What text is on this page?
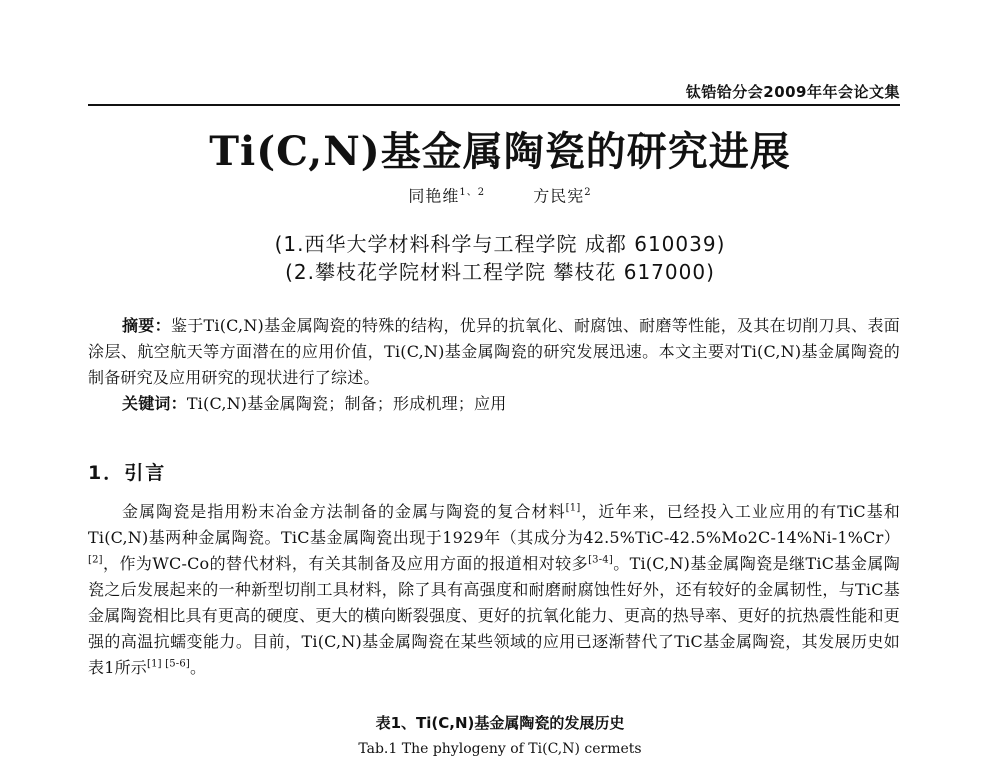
钛锆铪分会2009年年会论文集
Ti(C,N)基金属陶瓷的研究进展
同艳维$^{1、2}$	方民宪$^2$
(1.西华大学材料科学与工程学院 成都 610039)
(2.攀枝花学院材料工程学院 攀枝花 617000)
摘要：鉴于Ti(C,N)基金属陶瓷的特殊的结构，优异的抗氧化、耐腐蚀、耐磨等性能，及其在切削刀具、表面涂层、航空航天等方面潜在的应用价值，Ti(C,N)基金属陶瓷的研究发展迅速。本文主要对Ti(C,N)基金属陶瓷的制备研究及应用研究的现状进行了综述。
关键词：Ti(C,N)基金属陶瓷；制备；形成机理；应用
1．引言
金属陶瓷是指用粉末冶金方法制备的金属与陶瓷的复合材料[1]，近年来，已经投入工业应用的有TiC基和Ti(C,N)基两种金属陶瓷。TiC基金属陶瓷出现于1929年（其成分为42.5%TiC-42.5%Mo2C-14%Ni-1%Cr）[2]，作为WC-Co的替代材料，有关其制备及应用方面的报道相对较多[3-4]。Ti(C,N)基金属陶瓷是继TiC基金属陶瓷之后发展起来的一种新型切削工具材料，除了具有高强度和耐磨耐腐蚀性好外，还有较好的金属韧性，与TiC基金属陶瓷相比具有更高的硬度、更大的横向断裂强度、更好的抗氧化能力、更高的热导率、更好的抗热震性能和更强的高温抗蠕变能力。目前，Ti(C,N)基金属陶瓷在某些领域的应用已逐渐替代了TiC基金属陶瓷，其发展历史如表1所示[1] [5-6]。
表1、Ti(C,N)基金属陶瓷的发展历史
Tab.1 The phylogeny of Ti(C,N) cermets
